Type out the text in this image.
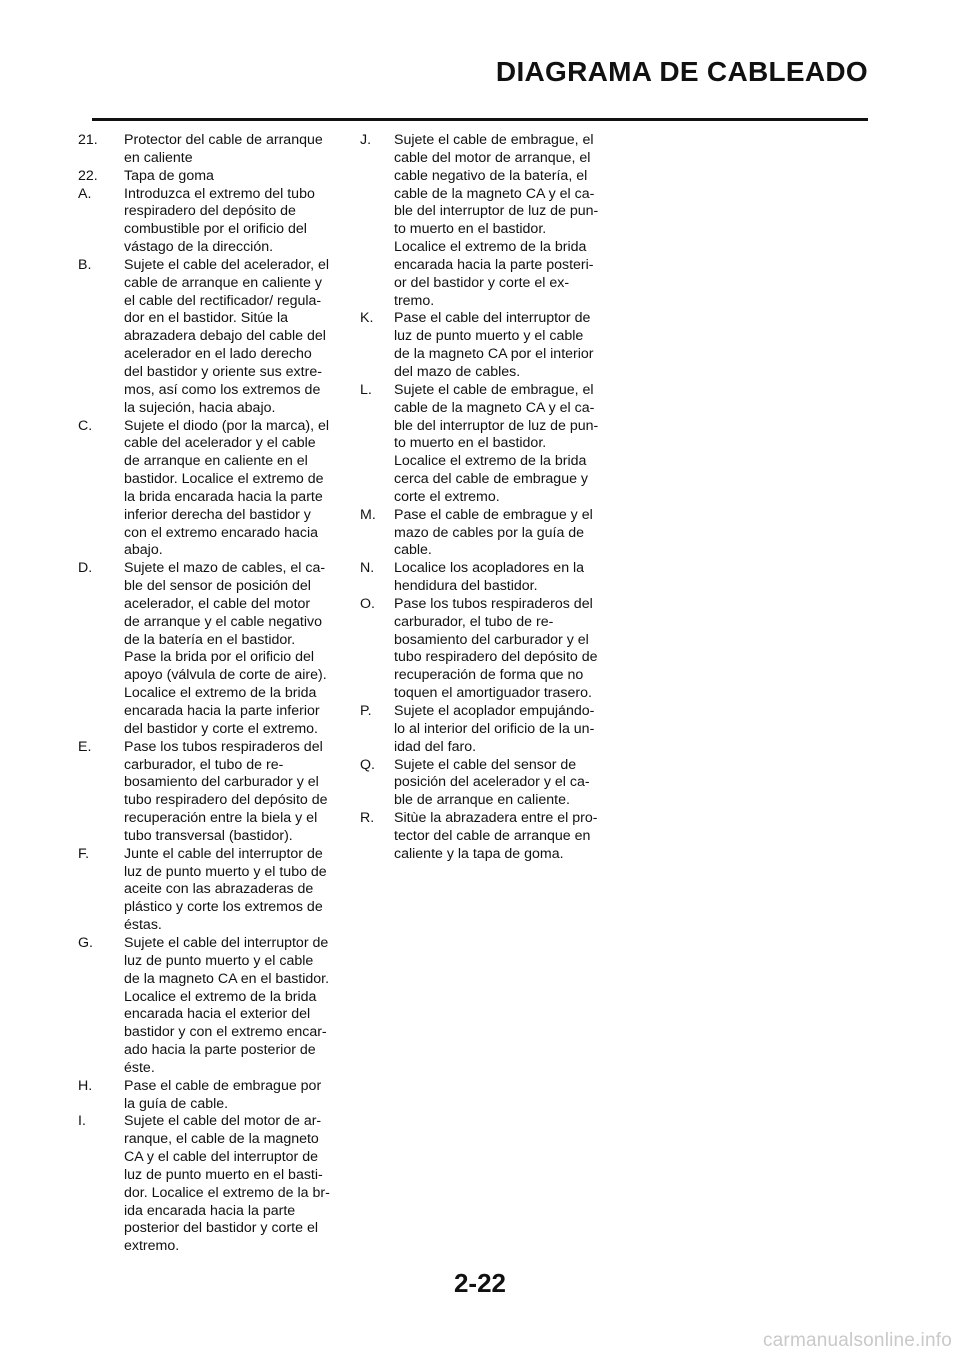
DIAGRAMA DE CABLEADO
21.	Protector del cable de arranque
en caliente
22.	Tapa de goma
A.	Introduzca el extremo del tubo
respiradero del depósito de
combustible por el orificio del
vástago de la dirección.
B.	Sujete el cable del acelerador, el
cable de arranque en caliente y
el cable del rectificador/ regula-
dor en el bastidor. Sitúe la
abrazadera debajo del cable del
acelerador en el lado derecho
del bastidor y oriente sus extre-
mos, así como los extremos de
la sujeción, hacia abajo.
C.	Sujete el diodo (por la marca), el
cable del acelerador y el cable
de arranque en caliente en el
bastidor. Localice el extremo de
la brida encarada hacia la parte
inferior derecha del bastidor y
con el extremo encarado hacia
abajo.
D.	Sujete el mazo de cables, el ca-
ble del sensor de posición del
acelerador, el cable del motor
de arranque y el cable negativo
de la batería en el bastidor.
Pase la brida por el orificio del
apoyo (válvula de corte de aire).
Localice el extremo de la brida
encarada hacia la parte inferior
del bastidor y corte el extremo.
E.	Pase los tubos respiraderos del
carburador, el tubo de re-
bosamiento del carburador y el
tubo respiradero del depósito de
recuperación entre la biela y el
tubo transversal (bastidor).
F.	Junte el cable del interruptor de
luz de punto muerto y el tubo de
aceite con las abrazaderas de
plástico y corte los extremos de
éstas.
G.	Sujete el cable del interruptor de
luz de punto muerto y el cable
de la magneto CA en el bastidor.
Localice el extremo de la brida
encarada hacia el exterior del
bastidor y con el extremo encar-
ado hacia la parte posterior de
éste.
H.	Pase el cable de embrague por
la guía de cable.
I.	Sujete el cable del motor de ar-
ranque, el cable de la magneto
CA y el cable del interruptor de
luz de punto muerto en el basti-
dor. Localice el extremo de la br-
ida encarada hacia la parte
posterior del bastidor y corte el
extremo.
J.	Sujete el cable de embrague, el
cable del motor de arranque, el
cable negativo de la batería, el
cable de la magneto CA y el ca-
ble del interruptor de luz de pun-
to muerto en el bastidor.
Localice el extremo de la brida
encarada hacia la parte posteri-
or del bastidor y corte el ex-
tremo.
K.	Pase el cable del interruptor de
luz de punto muerto y el cable
de la magneto CA por el interior
del mazo de cables.
L.	Sujete el cable de embrague, el
cable de la magneto CA y el ca-
ble del interruptor de luz de pun-
to muerto en el bastidor.
Localice el extremo de la brida
cerca del cable de embrague y
corte el extremo.
M.	Pase el cable de embrague y el
mazo de cables por la guía de
cable.
N.	Localice los acopladores en la
hendidura del bastidor.
O.	Pase los tubos respiraderos del
carburador, el tubo de re-
bosamiento del carburador y el
tubo respiradero del depósito de
recuperación de forma que no
toquen el amortiguador trasero.
P.	Sujete el acoplador empujándo-
lo al interior del orificio de la un-
idad del faro.
Q.	Sujete el cable del sensor de
posición del acelerador y el ca-
ble de arranque en caliente.
R.	Sitùe la abrazadera entre el pro-
tector del cable de arranque en
caliente y la tapa de goma.
2-22
carmanualsonline.info
